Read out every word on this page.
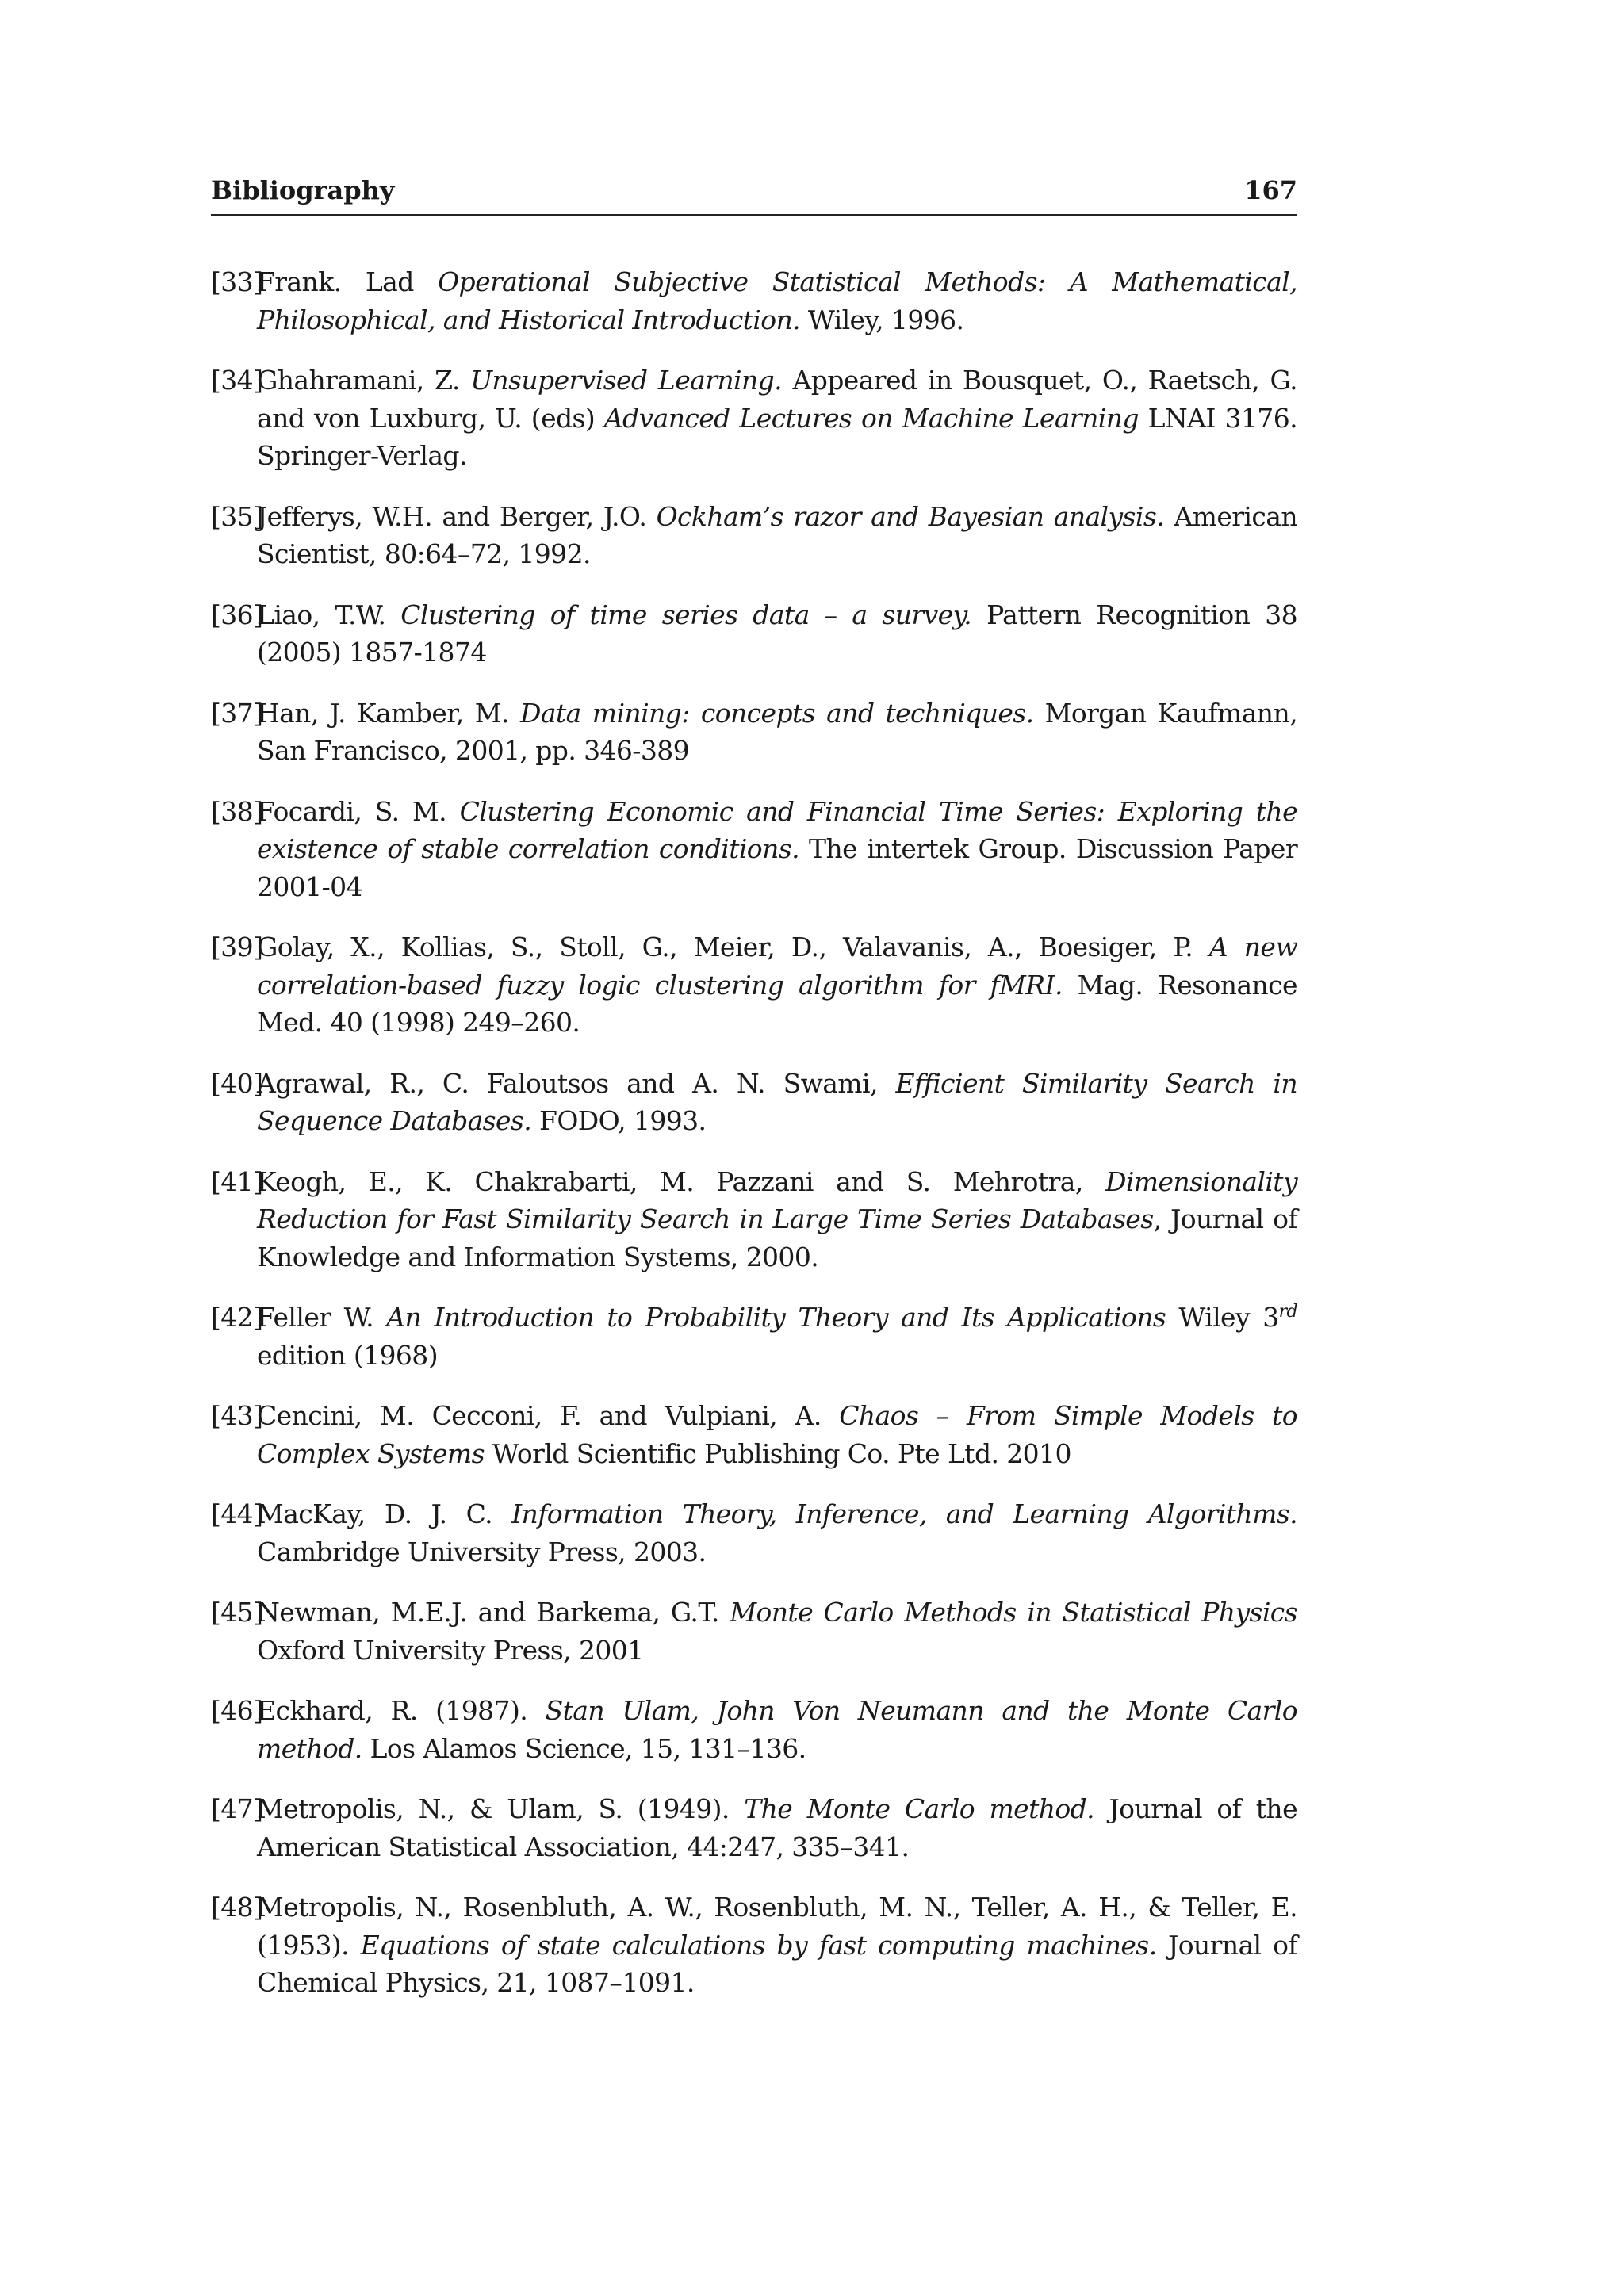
Bibliography	167
[33]
Frank. Lad Operational Subjective Statistical Methods: A Mathematical, Philosophical, and Historical Introduction. Wiley, 1996.
[34]
Ghahramani, Z. Unsupervised Learning. Appeared in Bousquet, O., Raetsch, G. and von Luxburg, U. (eds) Advanced Lectures on Machine Learning LNAI 3176. Springer-Verlag.
[35]
Jefferys, W.H. and Berger, J.O. Ockham’s razor and Bayesian analysis. American Scientist, 80:64–72, 1992.
[36]
Liao, T.W. Clustering of time series data – a survey. Pattern Recognition 38 (2005) 1857-1874
[37]
Han, J. Kamber, M. Data mining: concepts and techniques. Morgan Kaufmann, San Francisco, 2001, pp. 346-389
[38]
Focardi, S. M. Clustering Economic and Financial Time Series: Exploring the existence of stable correlation conditions. The intertek Group. Discussion Paper 2001-04
[39]
Golay, X., Kollias, S., Stoll, G., Meier, D., Valavanis, A., Boesiger, P. A new correlation-based fuzzy logic clustering algorithm for fMRI. Mag. Resonance Med. 40 (1998) 249–260.
[40]
Agrawal, R., C. Faloutsos and A. N. Swami, Efficient Similarity Search in Sequence Databases. FODO, 1993.
[41]
Keogh, E., K. Chakrabarti, M. Pazzani and S. Mehrotra, Dimensionality Reduction for Fast Similarity Search in Large Time Series Databases, Journal of Knowledge and Information Systems, 2000.
[42]
Feller W. An Introduction to Probability Theory and Its Applications Wiley 3rd edition (1968)
[43]
Cencini, M. Cecconi, F. and Vulpiani, A. Chaos – From Simple Models to Complex Systems World Scientific Publishing Co. Pte Ltd. 2010
[44]
MacKay, D. J. C. Information Theory, Inference, and Learning Algorithms. Cambridge University Press, 2003.
[45]
Newman, M.E.J. and Barkema, G.T. Monte Carlo Methods in Statistical Physics Oxford University Press, 2001
[46]
Eckhard, R. (1987). Stan Ulam, John Von Neumann and the Monte Carlo method. Los Alamos Science, 15, 131–136.
[47]
Metropolis, N., & Ulam, S. (1949). The Monte Carlo method. Journal of the American Statistical Association, 44:247, 335–341.
[48]
Metropolis, N., Rosenbluth, A. W., Rosenbluth, M. N., Teller, A. H., & Teller, E. (1953). Equations of state calculations by fast computing machines. Journal of Chemical Physics, 21, 1087–1091.
